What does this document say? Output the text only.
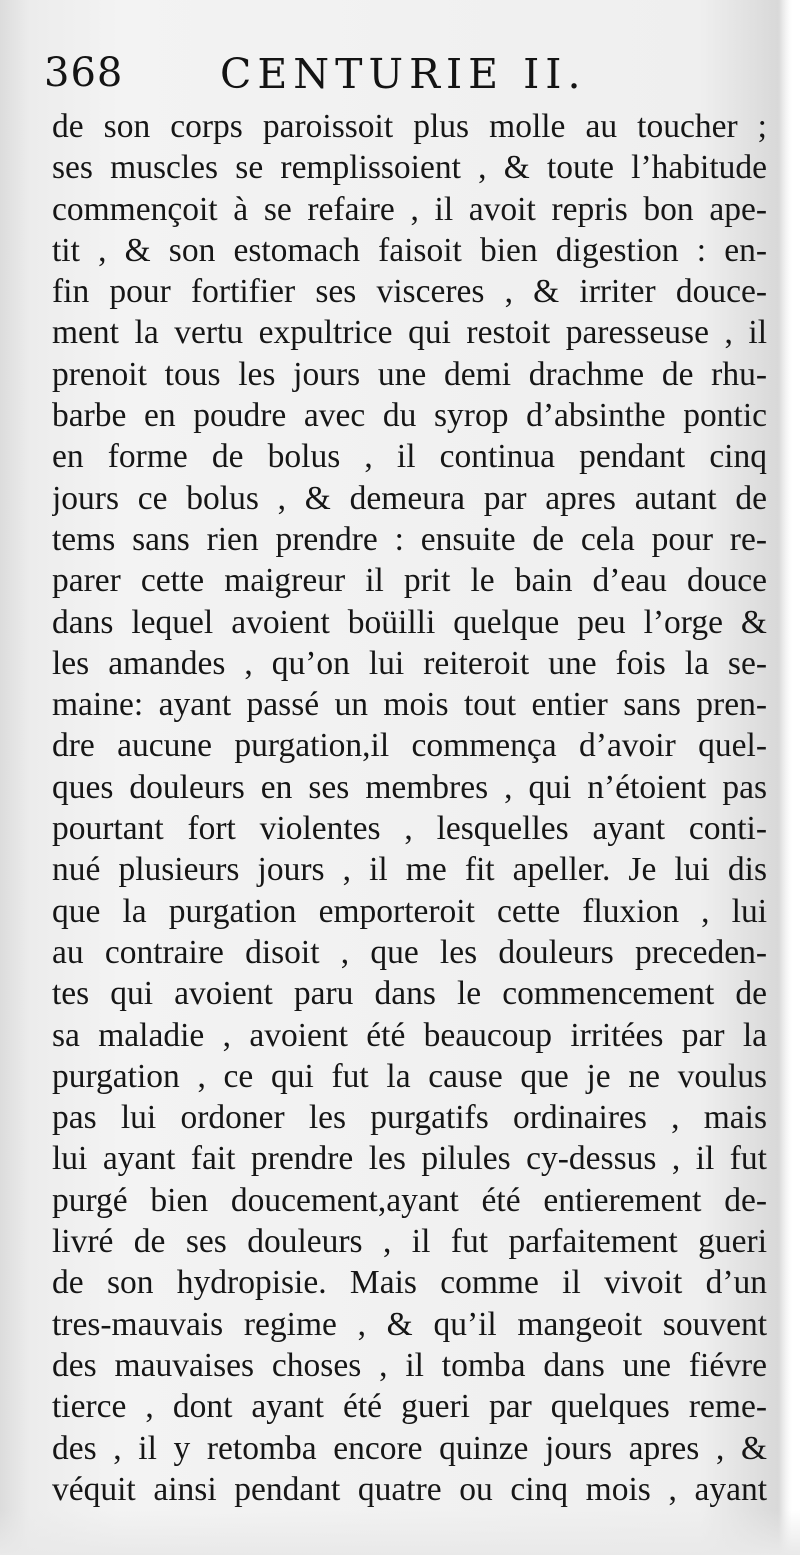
368 CENTURIE II.
de son corps paroissoit plus molle au toucher ;
ses muscles se remplissoient , & toute l’habitude
commençoit à se refaire , il avoit repris bon ape-
tit , & son estomach faisoit bien digestion : en-
fin pour fortifier ses visceres , & irriter douce-
ment la vertu expultrice qui restoit paresseuse , il
prenoit tous les jours une demi drachme de rhu-
barbe en poudre avec du syrop d’absinthe pontic
en forme de bolus , il continua pendant cinq
jours ce bolus , & demeura par apres autant de
tems sans rien prendre : ensuite de cela pour re-
parer cette maigreur il prit le bain d’eau douce
dans lequel avoient boüilli quelque peu l’orge &
les amandes , qu’on lui reiteroit une fois la se-
maine: ayant passé un mois tout entier sans pren-
dre aucune purgation,il commença d’avoir quel-
ques douleurs en ses membres , qui n’étoient pas
pourtant fort violentes , lesquelles ayant conti-
nué plusieurs jours , il me fit apeller. Je lui dis
que la purgation emporteroit cette fluxion , lui
au contraire disoit , que les douleurs preceden-
tes qui avoient paru dans le commencement de
sa maladie , avoient été beaucoup irritées par la
purgation , ce qui fut la cause que je ne voulus
pas lui ordoner les purgatifs ordinaires , mais
lui ayant fait prendre les pilules cy-dessus , il fut
purgé bien doucement,ayant été entierement de-
livré de ses douleurs , il fut parfaitement gueri
de son hydropisie. Mais comme il vivoit d’un
tres-mauvais regime , & qu’il mangeoit souvent
des mauvaises choses , il tomba dans une fiévre
tierce , dont ayant été gueri par quelques reme-
des , il y retomba encore quinze jours apres , &
véquit ainsi pendant quatre ou cinq mois , ayant
